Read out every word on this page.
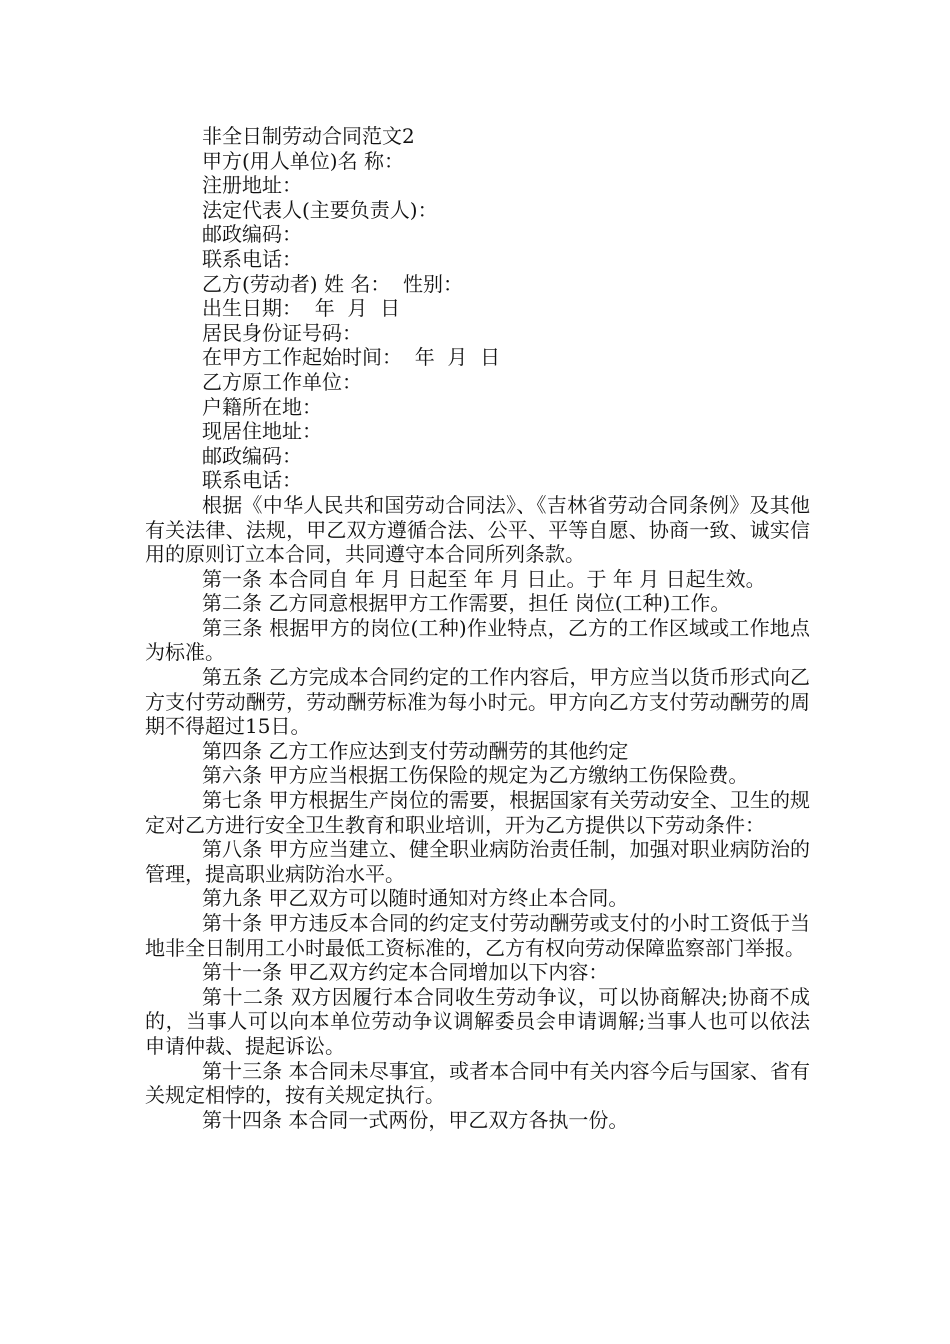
非全日制劳动合同范文2
甲方(用人单位)名 称：
注册地址：
法定代表人(主要负责人)：
邮政编码：
联系电话：
乙方(劳动者) 姓 名：  性别：
出生日期：  年  月  日
居民身份证号码：
在甲方工作起始时间：  年  月  日
乙方原工作单位：
户籍所在地：
现居住地址：
邮政编码：
联系电话：

根据《中华人民共和国劳动合同法》、《吉林省劳动合同条例》及其他有关法律、法规，甲乙双方遵循合法、公平、平等自愿、协商一致、诚实信用的原则订立本合同，共同遵守本合同所列条款。

第一条 本合同自 年 月 日起至 年 月 日止。于 年 月 日起生效。

第二条 乙方同意根据甲方工作需要，担任 岗位(工种)工作。

第三条 根据甲方的岗位(工种)作业特点，乙方的工作区域或工作地点为标准。

第五条 乙方完成本合同约定的工作内容后，甲方应当以货币形式向乙方支付劳动酬劳，劳动酬劳标准为每小时元。甲方向乙方支付劳动酬劳的周期不得超过15日。

第四条 乙方工作应达到支付劳动酬劳的其他约定

第六条 甲方应当根据工伤保险的规定为乙方缴纳工伤保险费。

第七条 甲方根据生产岗位的需要，根据国家有关劳动安全、卫生的规定对乙方进行安全卫生教育和职业培训，开为乙方提供以下劳动条件：

第八条 甲方应当建立、健全职业病防治责任制，加强对职业病防治的管理，提高职业病防治水平。

第九条 甲乙双方可以随时通知对方终止本合同。

第十条 甲方违反本合同的约定支付劳动酬劳或支付的小时工资低于当地非全日制用工小时最低工资标准的，乙方有权向劳动保障监察部门举报。

第十一条 甲乙双方约定本合同增加以下内容：

第十二条 双方因履行本合同收生劳动争议，可以协商解决;协商不成的，当事人可以向本单位劳动争议调解委员会申请调解;当事人也可以依法申请仲裁、提起诉讼。

第十三条 本合同未尽事宜，或者本合同中有关内容今后与国家、省有关规定相悖的，按有关规定执行。

第十四条 本合同一式两份，甲乙双方各执一份。
